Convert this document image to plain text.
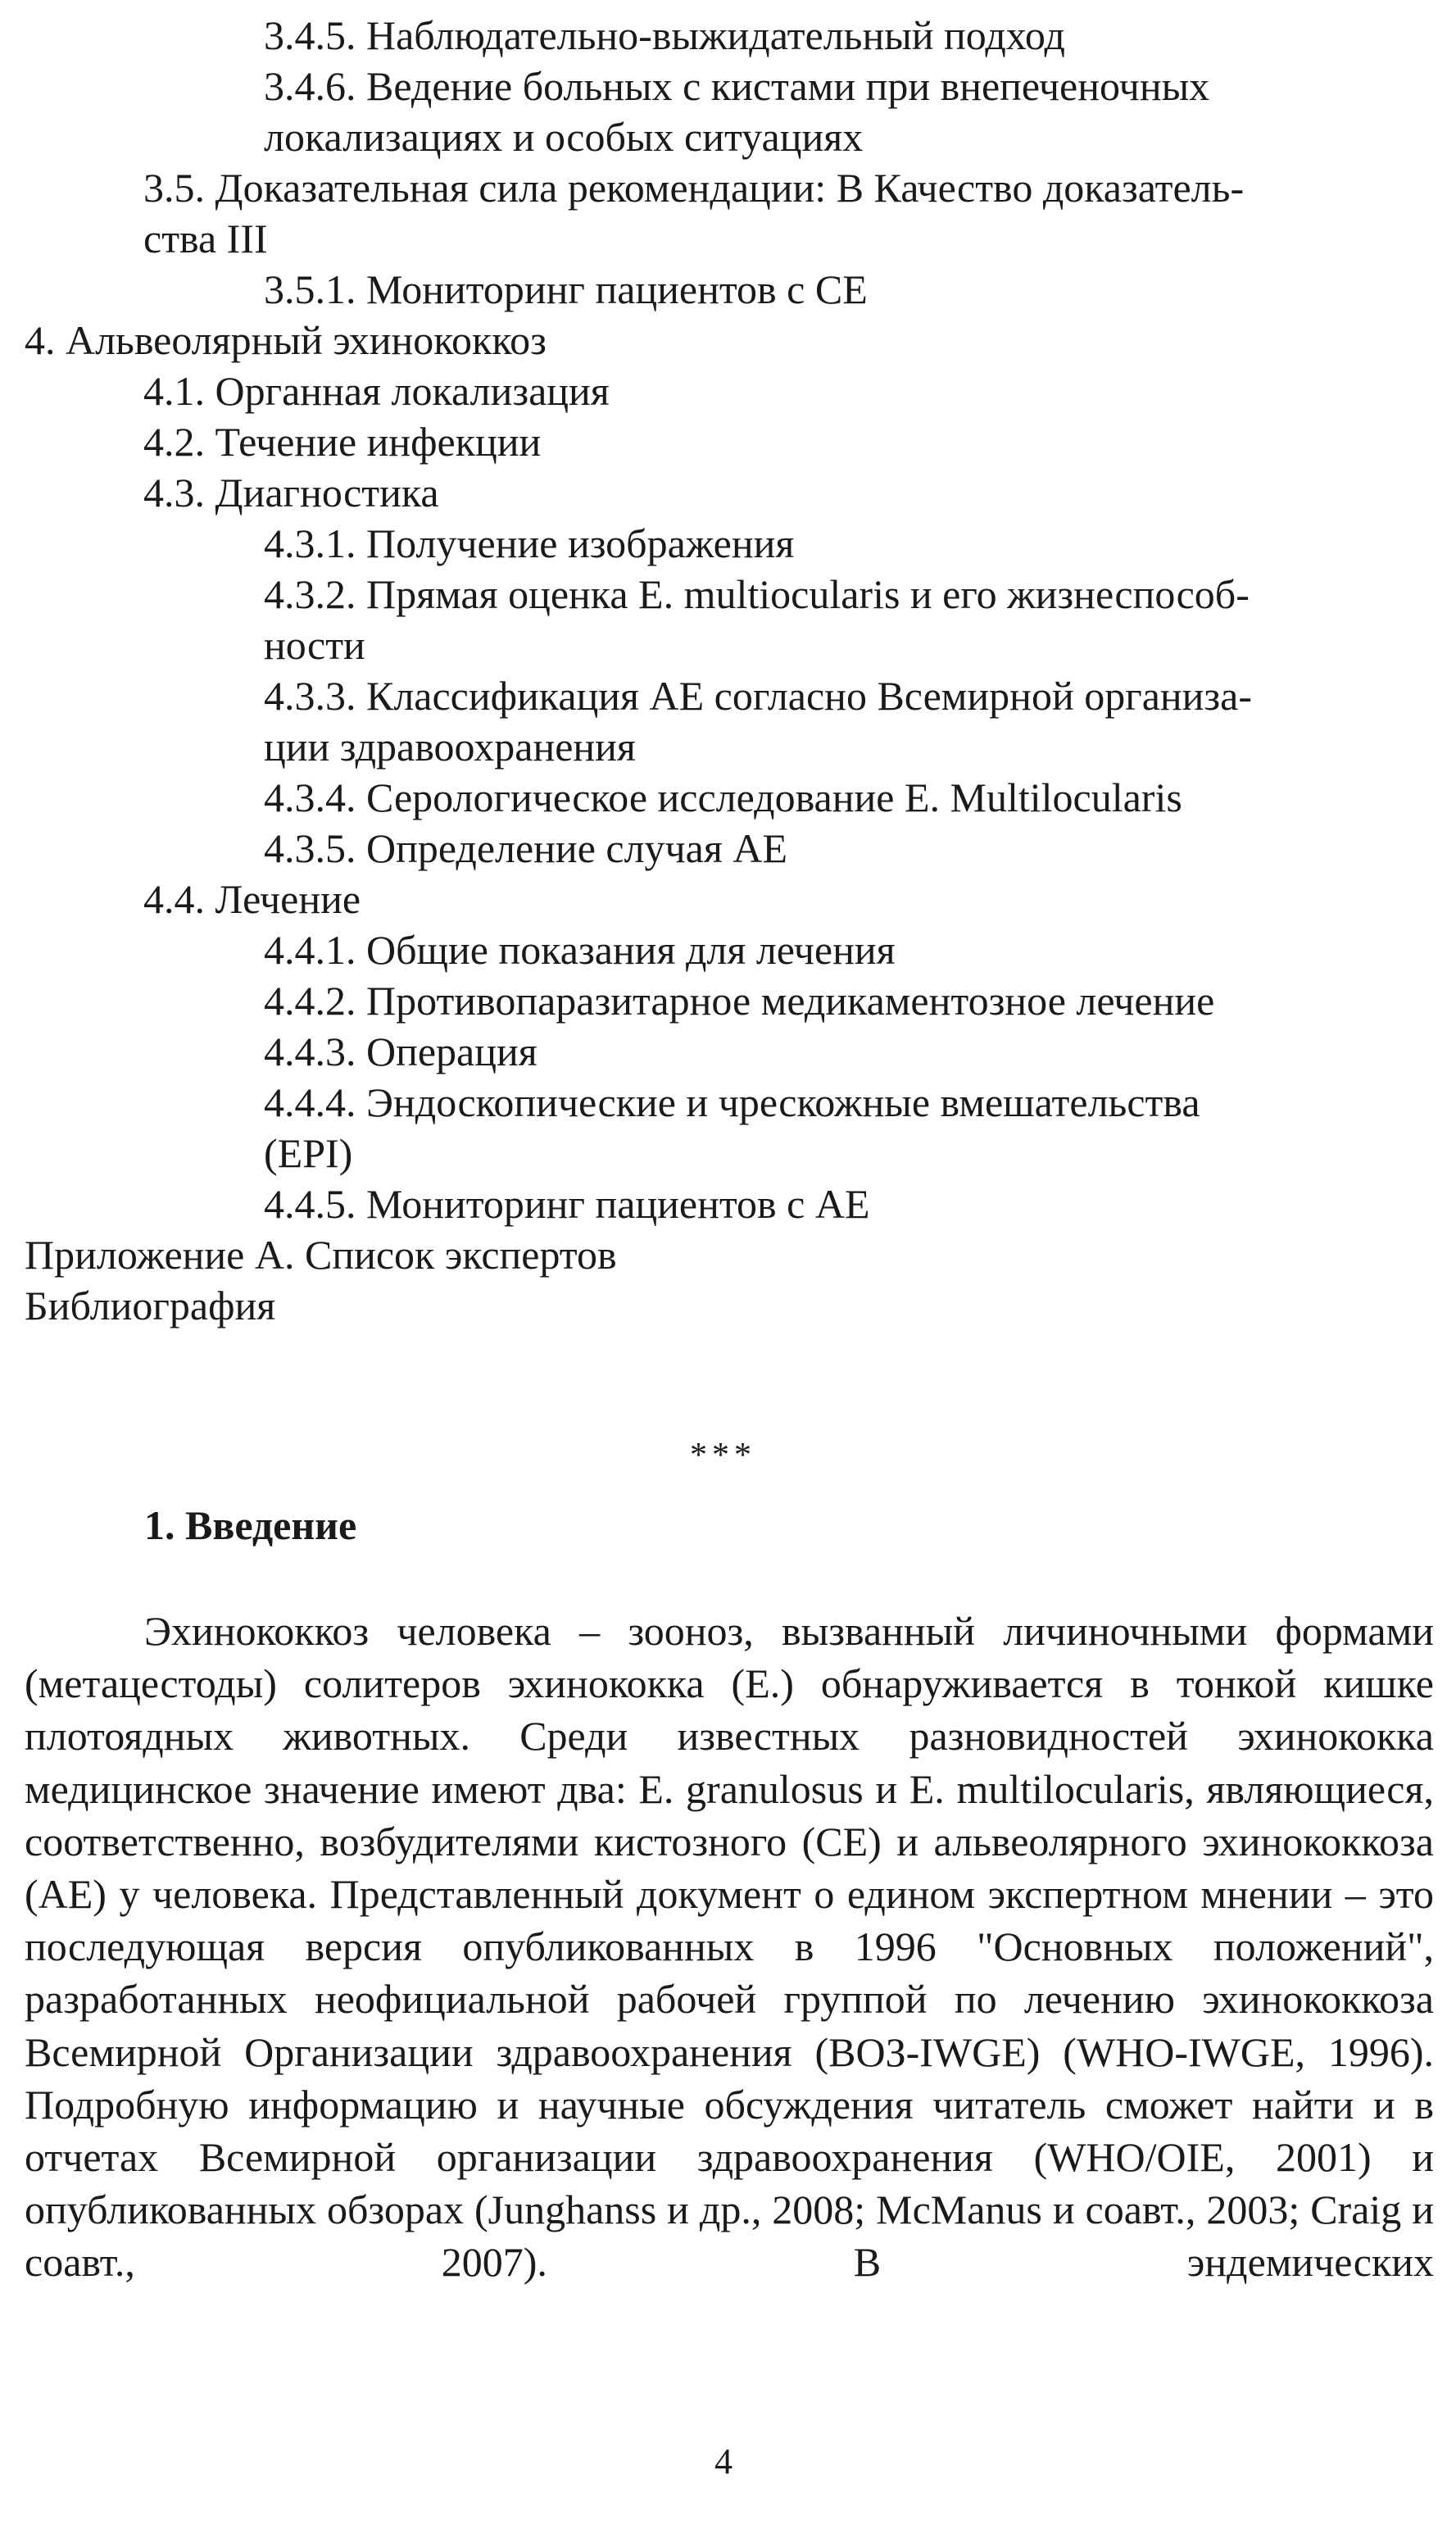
3.4.5. Наблюдательно-выжидательный подход
3.4.6. Ведение больных с кистами при внепеченочных
локализациях и особых ситуациях
3.5. Доказательная сила рекомендации: В Качество доказатель-
ства III
3.5.1. Мониторинг пациентов с СЕ
4. Альвеолярный эхинококкоз
4.1. Органная локализация
4.2. Течение инфекции
4.3. Диагностика
4.3.1. Получение изображения
4.3.2. Прямая оценка E. multiocularis и его жизнеспособ-
ности
4.3.3. Классификация АЕ согласно Всемирной организа-
ции здравоохранения
4.3.4. Серологическое исследование E. Multilocularis
4.3.5. Определение случая АЕ
4.4. Лечение
4.4.1. Общие показания для лечения
4.4.2. Противопаразитарное медикаментозное лечение
4.4.3. Операция
4.4.4. Эндоскопические и чрескожные вмешательства
(EPI)
4.4.5. Мониторинг пациентов с АЕ
Приложение А. Список экспертов
Библиография
***
1. Введение
Эхинококкоз человека – зооноз, вызванный личиночными формами (метацестоды) солитеров эхинококка (Е.) обнаруживается в тонкой кишке плотоядных животных. Среди известных разновидностей эхинококка медицинское значение имеют два: E. granulosus и E. multilocularis, являющиеся, соответственно, возбудителями кистозного (СЕ) и альвеолярного эхинококкоза (АЕ) у человека. Представленный документ о едином экспертном мнении – это последующая версия опубликованных в 1996 "Основных положений", разработанных неофициальной рабочей группой по лечению эхинококкоза Всемирной Организации здравоохранения (ВОЗ-IWGE) (WHO-IWGE, 1996). Подробную информацию и научные обсуждения читатель сможет найти и в отчетах Всемирной организации здравоохранения (WHO/OIE, 2001) и опубликованных обзорах (Junghanss и др., 2008; McManus и соавт., 2003; Craig и соавт., 2007). В эндемических
4
